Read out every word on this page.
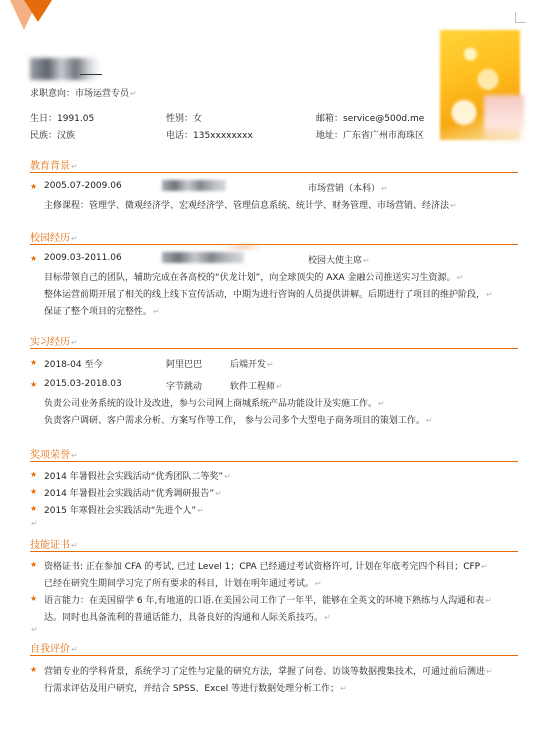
求职意向：市场运营专员↵
生日：1991.05	性别：女	邮箱：service@500d.me
民族：汉族	电话：135xxxxxxxx	地址：广东省广州市海珠区
教育背景↵
★ 2005.07-2009.06	市场营销（本科）↵
主修课程：管理学、微观经济学、宏观经济学、管理信息系统、统计学、财务管理、市场营销、经济法↵
校园经历↵
★ 2009.03-2011.06	校园大使主席↵
目标带领自己的团队，辅助完成在各高校的“伏龙计划”，向全球顶尖的 AXA 金融公司推送实习生资源。↵
整体运营前期开展了相关的线上线下宣传活动，中期为进行咨询的人员提供讲解。后期进行了项目的维护阶段，↵
保证了整个项目的完整性。↵
实习经历↵
★ 2018-04 至今	阿里巴巴	后端开发↵
★ 2015.03-2018.03	字节跳动	软件工程师↵
负责公司业务系统的设计及改进，参与公司网上商城系统产品功能设计及实施工作。↵
负责客户调研、客户需求分析、方案写作等工作， 参与公司多个大型电子商务项目的策划工作。↵
奖项荣誉↵
★ 2014 年暑假社会实践活动“优秀团队二等奖”↵
★ 2014 年暑假社会实践活动“优秀调研报告”↵
★ 2015 年寒假社会实践活动“先进个人”↵
↵
技能证书↵
★ 资格证书: 正在参加 CFA 的考试, 已过 Level 1；CPA 已经通过考试资格许可, 计划在年底考完四个科目；CFP↵
已经在研究生期间学习完了所有要求的科目，计划在明年通过考试。↵
★ 语言能力：在美国留学 6 年,有地道的口语.在美国公司工作了一年半，能够在全英文的环境下熟练与人沟通和表↵
达。同时也具备流利的普通话能力，具备良好的沟通和人际关系技巧。↵
↵
自我评价↵
★ 营销专业的学科背景，系统学习了定性与定量的研究方法，掌握了问卷、访谈等数据搜集技术，可通过前后测进↵
行需求评估及用户研究，并结合 SPSS、Excel 等进行数据处理分析工作；↵
